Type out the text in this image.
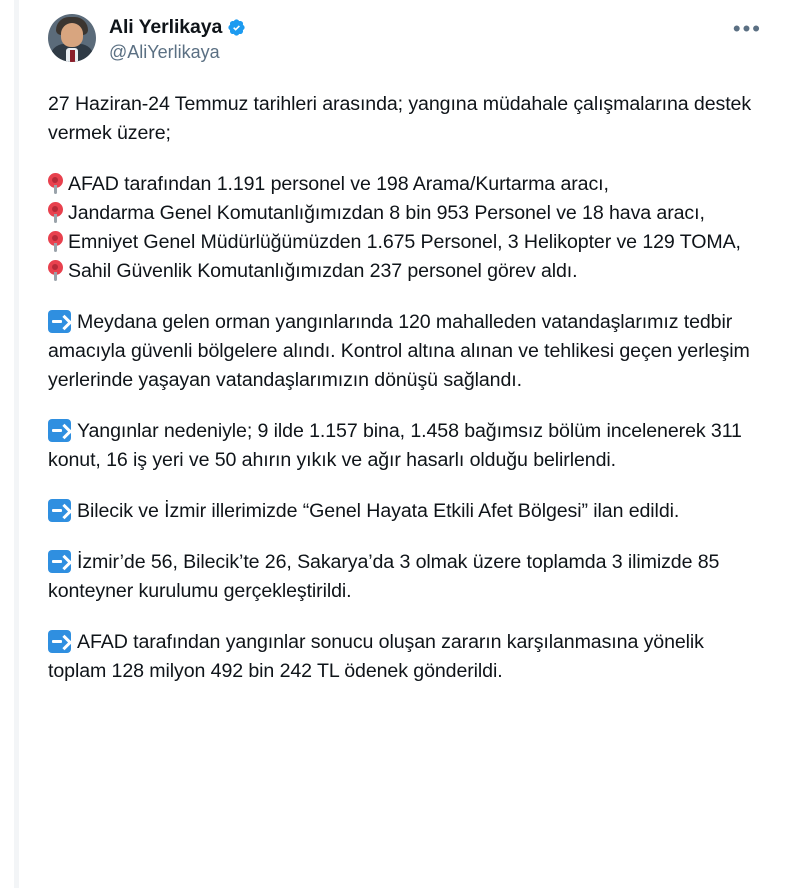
Ali Yerlikaya
@AliYerlikaya
•••

27 Haziran-24 Temmuz tarihleri arasında; yangına müdahale çalışmalarına destek vermek üzere;

AFAD tarafından 1.191 personel ve 198 Arama/Kurtarma aracı,
Jandarma Genel Komutanlığımızdan 8 bin 953 Personel ve 18 hava aracı,
Emniyet Genel Müdürlüğümüzden 1.675 Personel, 3 Helikopter ve 129 TOMA,
Sahil Güvenlik Komutanlığımızdan 237 personel görev aldı.

Meydana gelen orman yangınlarında 120 mahalleden vatandaşlarımız tedbir amacıyla güvenli bölgelere alındı. Kontrol altına alınan ve tehlikesi geçen yerleşim yerlerinde yaşayan vatandaşlarımızın dönüşü sağlandı.

Yangınlar nedeniyle; 9 ilde 1.157 bina, 1.458 bağımsız bölüm incelenerek 311 konut, 16 iş yeri ve 50 ahırın yıkık ve ağır hasarlı olduğu belirlendi.

Bilecik ve İzmir illerimizde “Genel Hayata Etkili Afet Bölgesi” ilan edildi.

İzmir’de 56, Bilecik’te 26, Sakarya’da 3 olmak üzere toplamda 3 ilimizde 85 konteyner kurulumu gerçekleştirildi.

AFAD tarafından yangınlar sonucu oluşan zararın karşılanmasına yönelik toplam 128 milyon 492 bin 242 TL ödenek gönderildi.
